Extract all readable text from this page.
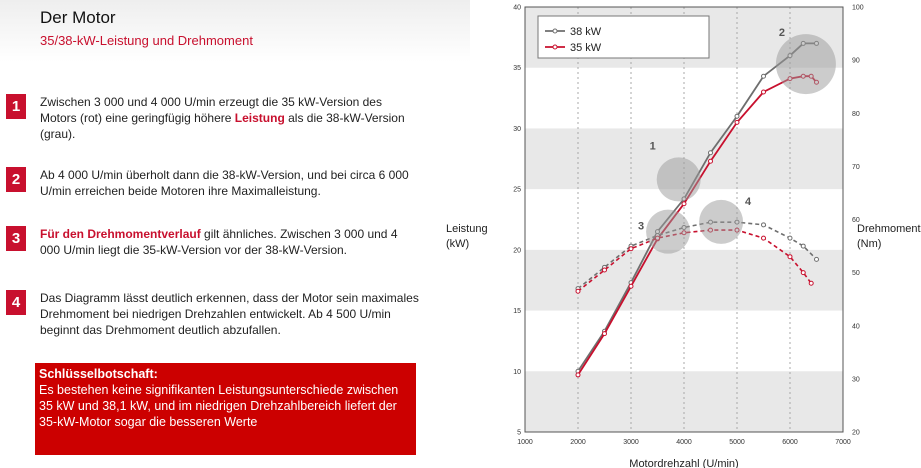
Der Motor
35/38-kW-Leistung und Drehmoment
1	Zwischen 3 000 und 4 000 U/min erzeugt die 35 kW-Version des Motors (rot) eine geringfügig höhere Leistung als die 38-kW-Version (grau).
2	Ab 4 000 U/min überholt dann die 38-kW-Version, und bei circa 6 000 U/min erreichen beide Motoren ihre Maximalleistung.
3	Für den Drehmomentverlauf gilt ähnliches. Zwischen 3 000 und 4 000 U/min liegt die 35-kW-Version vor der 38-kW-Version.
4	Das Diagramm lässt deutlich erkennen, dass der Motor sein maximales Drehmoment bei niedrigen Drehzahlen entwickelt. Ab 4 500 U/min beginnt das Drehmoment deutlich abzufallen.
Schlüsselbotschaft:
Es bestehen keine signifikanten Leistungsunterschiede zwischen 35 kW und 38,1 kW, und im niedrigen Drehzahlbereich liefert der 35-kW-Motor sogar die besseren Werte
Leistung
(kW)
Drehmoment
(Nm)
1000	2000	3000	4000	5000	6000	7000
5
10
15
20
25
30
35
40
20
30
40
50
60
70
80
90
100
Motordrehzahl (U/min)
1
2
3
4
38 kW
35 kW
